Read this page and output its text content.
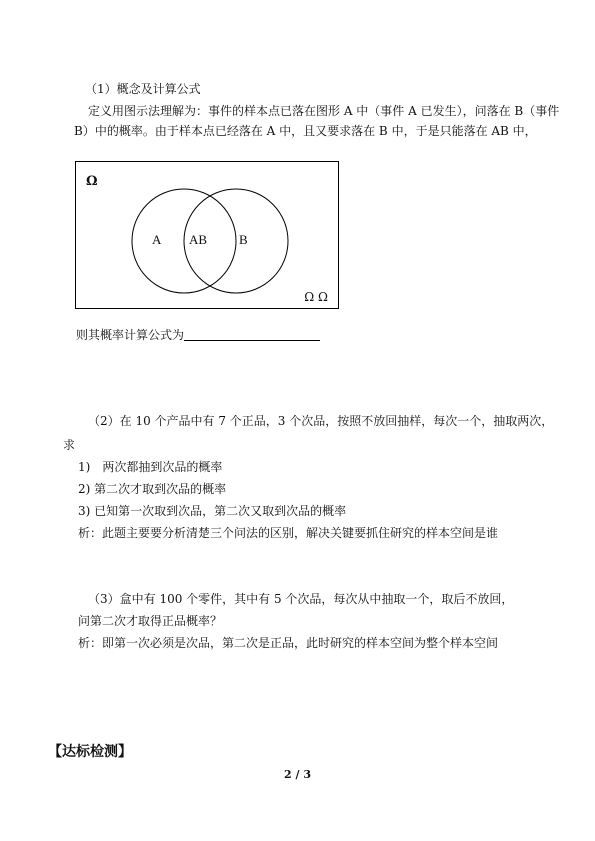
（1）概念及计算公式
定义用图示法理解为：事件的样本点已落在图形 A 中（事件 A 已发生），问落在 B（事件
B）中的概率。由于样本点已经落在 A 中，且又要求落在 B 中，于是只能落在 AB 中，
Ω
A AB B
Ω Ω
则其概率计算公式为
（2）在 10 个产品中有 7 个正品，3 个次品，按照不放回抽样，每次一个，抽取两次，
求
1)　两次都抽到次品的概率
2) 第二次才取到次品的概率
3) 已知第一次取到次品，第二次又取到次品的概率
析：此题主要要分析清楚三个问法的区别，解决关键要抓住研究的样本空间是谁
（3）盒中有 100 个零件，其中有 5 个次品，每次从中抽取一个，取后不放回，
问第二次才取得正品概率？
析：即第一次必须是次品，第二次是正品，此时研究的样本空间为整个样本空间
【达标检测】
2 / 3
